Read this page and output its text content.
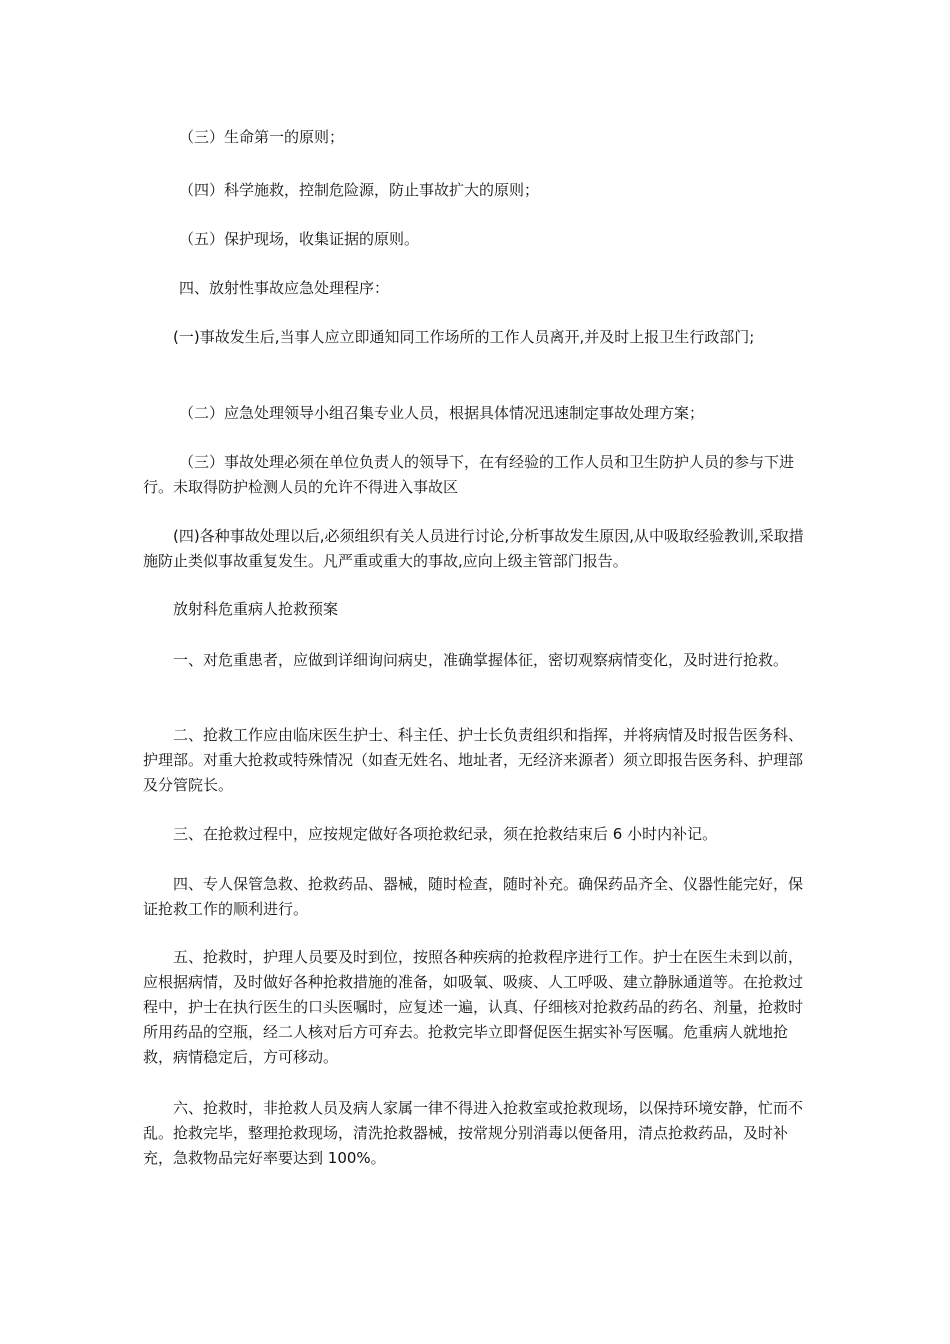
（三）生命第一的原则；

（四）科学施救，控制危险源，防止事故扩大的原则；

（五）保护现场，收集证据的原则。

四、放射性事故应急处理程序：

(一)事故发生后,当事人应立即通知同工作场所的工作人员离开,并及时上报卫生行政部门;

（二）应急处理领导小组召集专业人员，根据具体情况迅速制定事故处理方案；

（三）事故处理必须在单位负责人的领导下，在有经验的工作人员和卫生防护人员的参与下进行。未取得防护检测人员的允许不得进入事故区

(四)各种事故处理以后,必须组织有关人员进行讨论,分析事故发生原因,从中吸取经验教训,采取措施防止类似事故重复发生。凡严重或重大的事故,应向上级主管部门报告。

放射科危重病人抢救预案

一、对危重患者，应做到详细询问病史，准确掌握体征，密切观察病情变化，及时进行抢救。

二、抢救工作应由临床医生护士、科主任、护士长负责组织和指挥，并将病情及时报告医务科、护理部。对重大抢救或特殊情况（如查无姓名、地址者，无经济来源者）须立即报告医务科、护理部及分管院长。

三、在抢救过程中，应按规定做好各项抢救纪录，须在抢救结束后 6 小时内补记。

四、专人保管急救、抢救药品、器械，随时检查，随时补充。确保药品齐全、仪器性能完好，保证抢救工作的顺利进行。

五、抢救时，护理人员要及时到位，按照各种疾病的抢救程序进行工作。护士在医生未到以前，应根据病情，及时做好各种抢救措施的准备，如吸氧、吸痰、人工呼吸、建立静脉通道等。在抢救过程中，护士在执行医生的口头医嘱时，应复述一遍，认真、仔细核对抢救药品的药名、剂量，抢救时所用药品的空瓶，经二人核对后方可弃去。抢救完毕立即督促医生据实补写医嘱。危重病人就地抢救，病情稳定后，方可移动。

六、抢救时，非抢救人员及病人家属一律不得进入抢救室或抢救现场，以保持环境安静，忙而不乱。抢救完毕，整理抢救现场，清洗抢救器械，按常规分别消毒以便备用，清点抢救药品，及时补充，急救物品完好率要达到 100%。
